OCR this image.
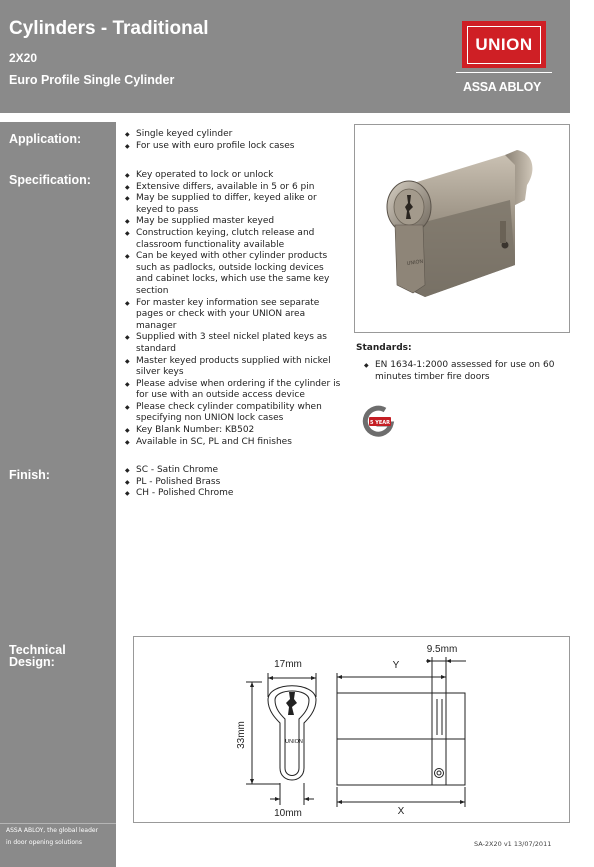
Cylinders - Traditional
2X20
Euro Profile Single Cylinder
UNION
ASSA ABLOY
Application:
Specification:
Finish:
Technical
Design:
ASSA ABLOY, the global leader
in door opening solutions
◆ Single keyed cylinder
◆ For use with euro profile lock cases
◆ Key operated to lock or unlock
◆ Extensive differs, available in 5 or 6 pin
◆ May be supplied to differ, keyed alike or keyed to pass
◆ May be supplied master keyed
◆ Construction keying, clutch release and classroom functionality available
◆ Can be keyed with other cylinder products such as padlocks, outside locking devices and cabinet locks, which use the same key section
◆ For master key information see separate pages or check with your UNION area manager
◆ Supplied with 3 steel nickel plated keys as standard
◆ Master keyed products supplied with nickel silver keys
◆ Please advise when ordering if the cylinder is for use with an outside access device
◆ Please check cylinder compatibility when specifying non UNION lock cases
◆ Key Blank Number: KB502
◆ Available in SC, PL and CH finishes
◆ SC - Satin Chrome
◆ PL - Polished Brass
◆ CH - Polished Chrome
UNION
Standards:
◆ EN 1634-1:2000 assessed for use on 60 minutes timber fire doors
5 YEAR
UNION
17mm	Y
9.5mm
33mm
10mm	X
SA-2X20 v1 13/07/2011
